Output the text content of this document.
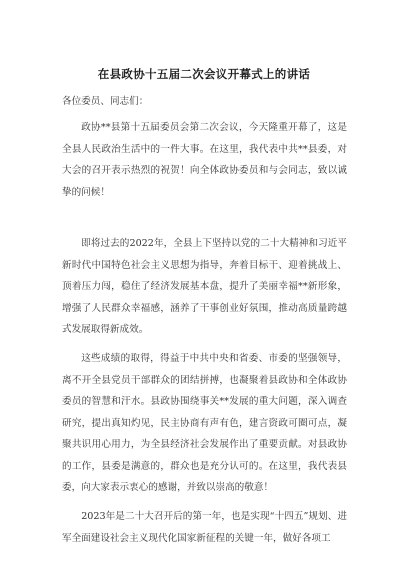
在县政协十五届二次会议开幕式上的讲话

各位委员、同志们：

政协**县第十五届委员会第二次会议，今天隆重开幕了，这是全县人民政治生活中的一件大事。在这里，我代表中共**县委，对大会的召开表示热烈的祝贺！向全体政协委员和与会同志，致以诚挚的问候！

即将过去的2022年，全县上下坚持以党的二十大精神和习近平新时代中国特色社会主义思想为指导，奔着目标干、迎着挑战上、顶着压力闯，稳住了经济发展基本盘，提升了美丽幸福**新形象，增强了人民群众幸福感，涵养了干事创业好氛围，推动高质量跨越式发展取得新成效。

这些成绩的取得，得益于中共中央和省委、市委的坚强领导，离不开全县党员干部群众的团结拼搏，也凝聚着县政协和全体政协委员的智慧和汗水。县政协围绕事关**发展的重大问题，深入调查研究，提出真知灼见，民主协商有声有色，建言资政可圈可点，凝聚共识用心用力，为全县经济社会发展作出了重要贡献。对县政协的工作，县委是满意的，群众也是充分认可的。在这里，我代表县委，向大家表示衷心的感谢，并致以崇高的敬意！

2023年是二十大召开后的第一年，也是实现“十四五”规划、进军全面建设社会主义现代化国家新征程的关键一年，做好各项工
